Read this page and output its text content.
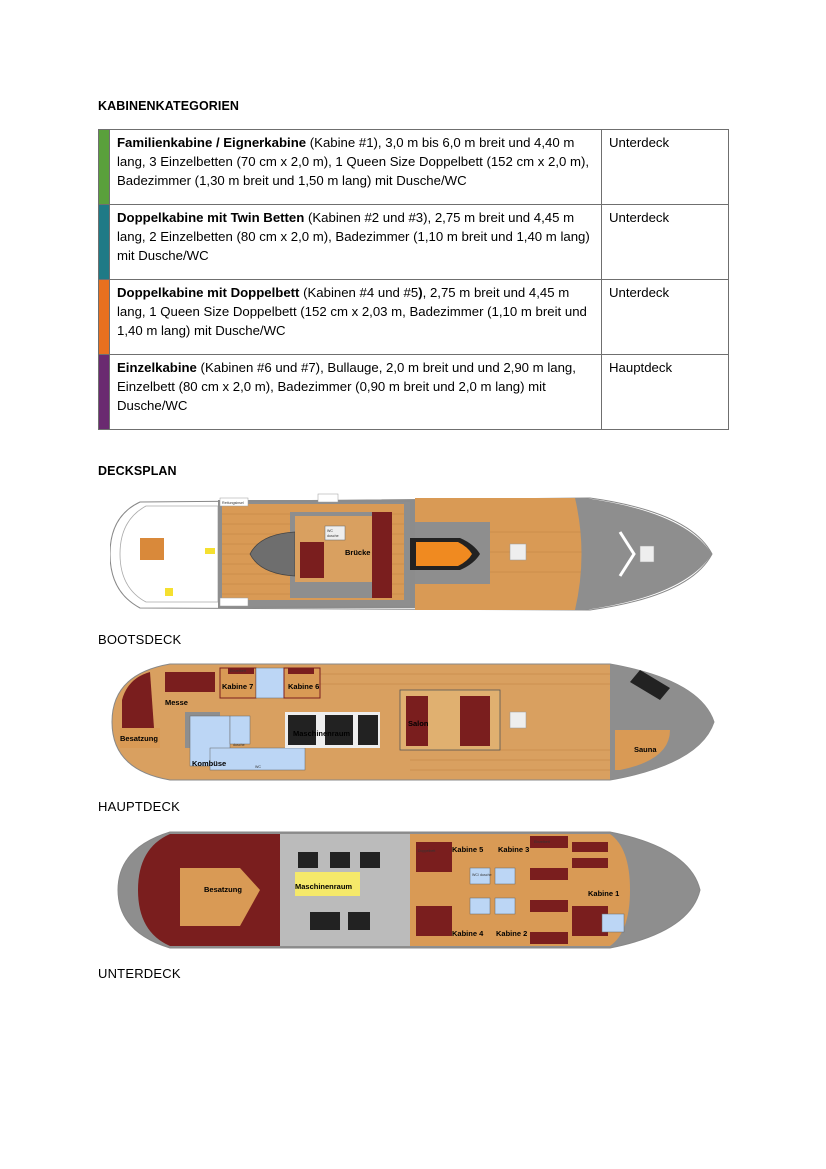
KABINENKATEGORIEN
	Familienkabine / Eignerkabine (Kabine #1), 3,0 m bis 6,0 m breit und 4,40 m lang, 3 Einzelbetten (70 cm x 2,0 m), 1 Queen Size Doppelbett (152 cm x 2,0 m), Badezimmer (1,30 m breit und 1,50 m lang) mit Dusche/WC	Unterdeck
	Doppelkabine mit Twin Betten (Kabinen #2 und #3), 2,75 m breit und 4,45 m lang, 2 Einzelbetten (80 cm x 2,0 m), Badezimmer (1,10 m breit und 1,40 m lang) mit Dusche/WC	Unterdeck
	Doppelkabine mit Doppelbett (Kabinen #4 und #5), 2,75 m breit und 4,45 m lang, 1 Queen Size Doppelbett (152 cm x 2,03 m, Badezimmer (1,10 m breit und 1,40 m lang) mit Dusche/WC	Unterdeck
	Einzelkabine (Kabinen #6 und #7), Bullauge, 2,0 m breit und und 2,90 m lang, Einzelbett (80 cm x 2,0 m), Badezimmer (0,90 m breit und 2,0 m lang) mit Dusche/WC	Hauptdeck
DECKSPLAN
WC
dusche
Brücke
Rettungsinsel
BOOTSDECK
Sauna
Besatzung
Messe
Einzelbett
Kabine 7	Kabine 6
dusche
Kombüse	WC
Maschinenraum
Salon
HAUPTDECK
Besatzung	Maschinenraum
Doppelbett
Einzelbett
WC/ dusche
Kabine 5 Kabine 3
Kabine 4 Kabine 2
Kabine 1
UNTERDECK
